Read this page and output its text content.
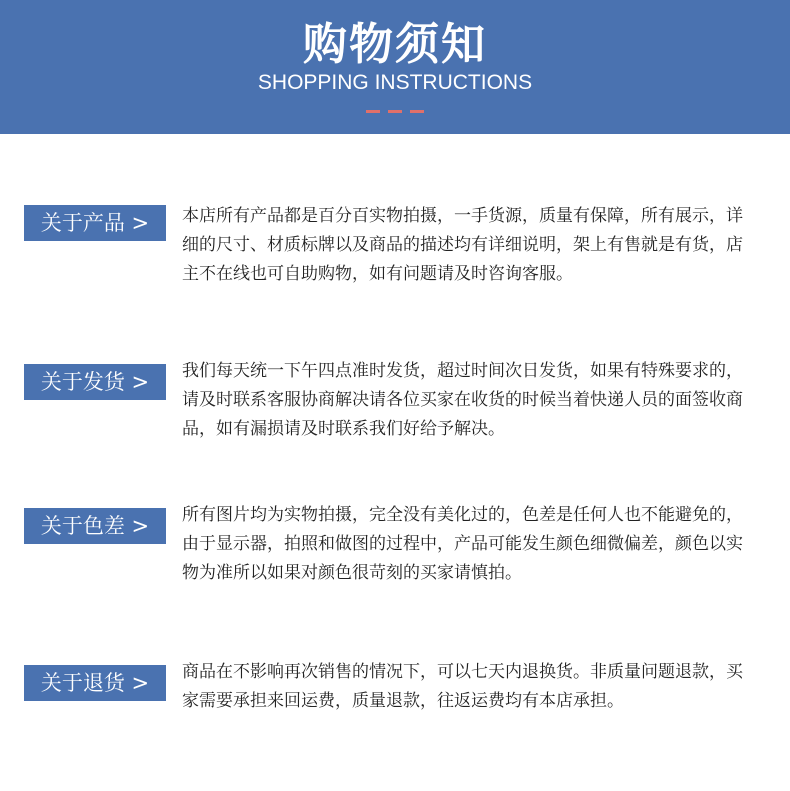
购物须知
SHOPPING INSTRUCTIONS
关于产品 >	本店所有产品都是百分百实物拍摄，一手货源，质量有保障，所有展示，详细的尺寸、材质标牌以及商品的描述均有详细说明，架上有售就是有货，店主不在线也可自助购物，如有问题请及时咨询客服。
关于发货 >	我们每天统一下午四点准时发货，超过时间次日发货，如果有特殊要求的，请及时联系客服协商解决请各位买家在收货的时候当着快递人员的面签收商品，如有漏损请及时联系我们好给予解决。
关于色差 >	所有图片均为实物拍摄，完全没有美化过的，色差是任何人也不能避免的，由于显示器，拍照和做图的过程中，产品可能发生颜色细微偏差，颜色以实物为准所以如果对颜色很苛刻的买家请慎拍。
关于退货 >	商品在不影响再次销售的情况下，可以七天内退换货。非质量问题退款，买家需要承担来回运费，质量退款，往返运费均有本店承担。
